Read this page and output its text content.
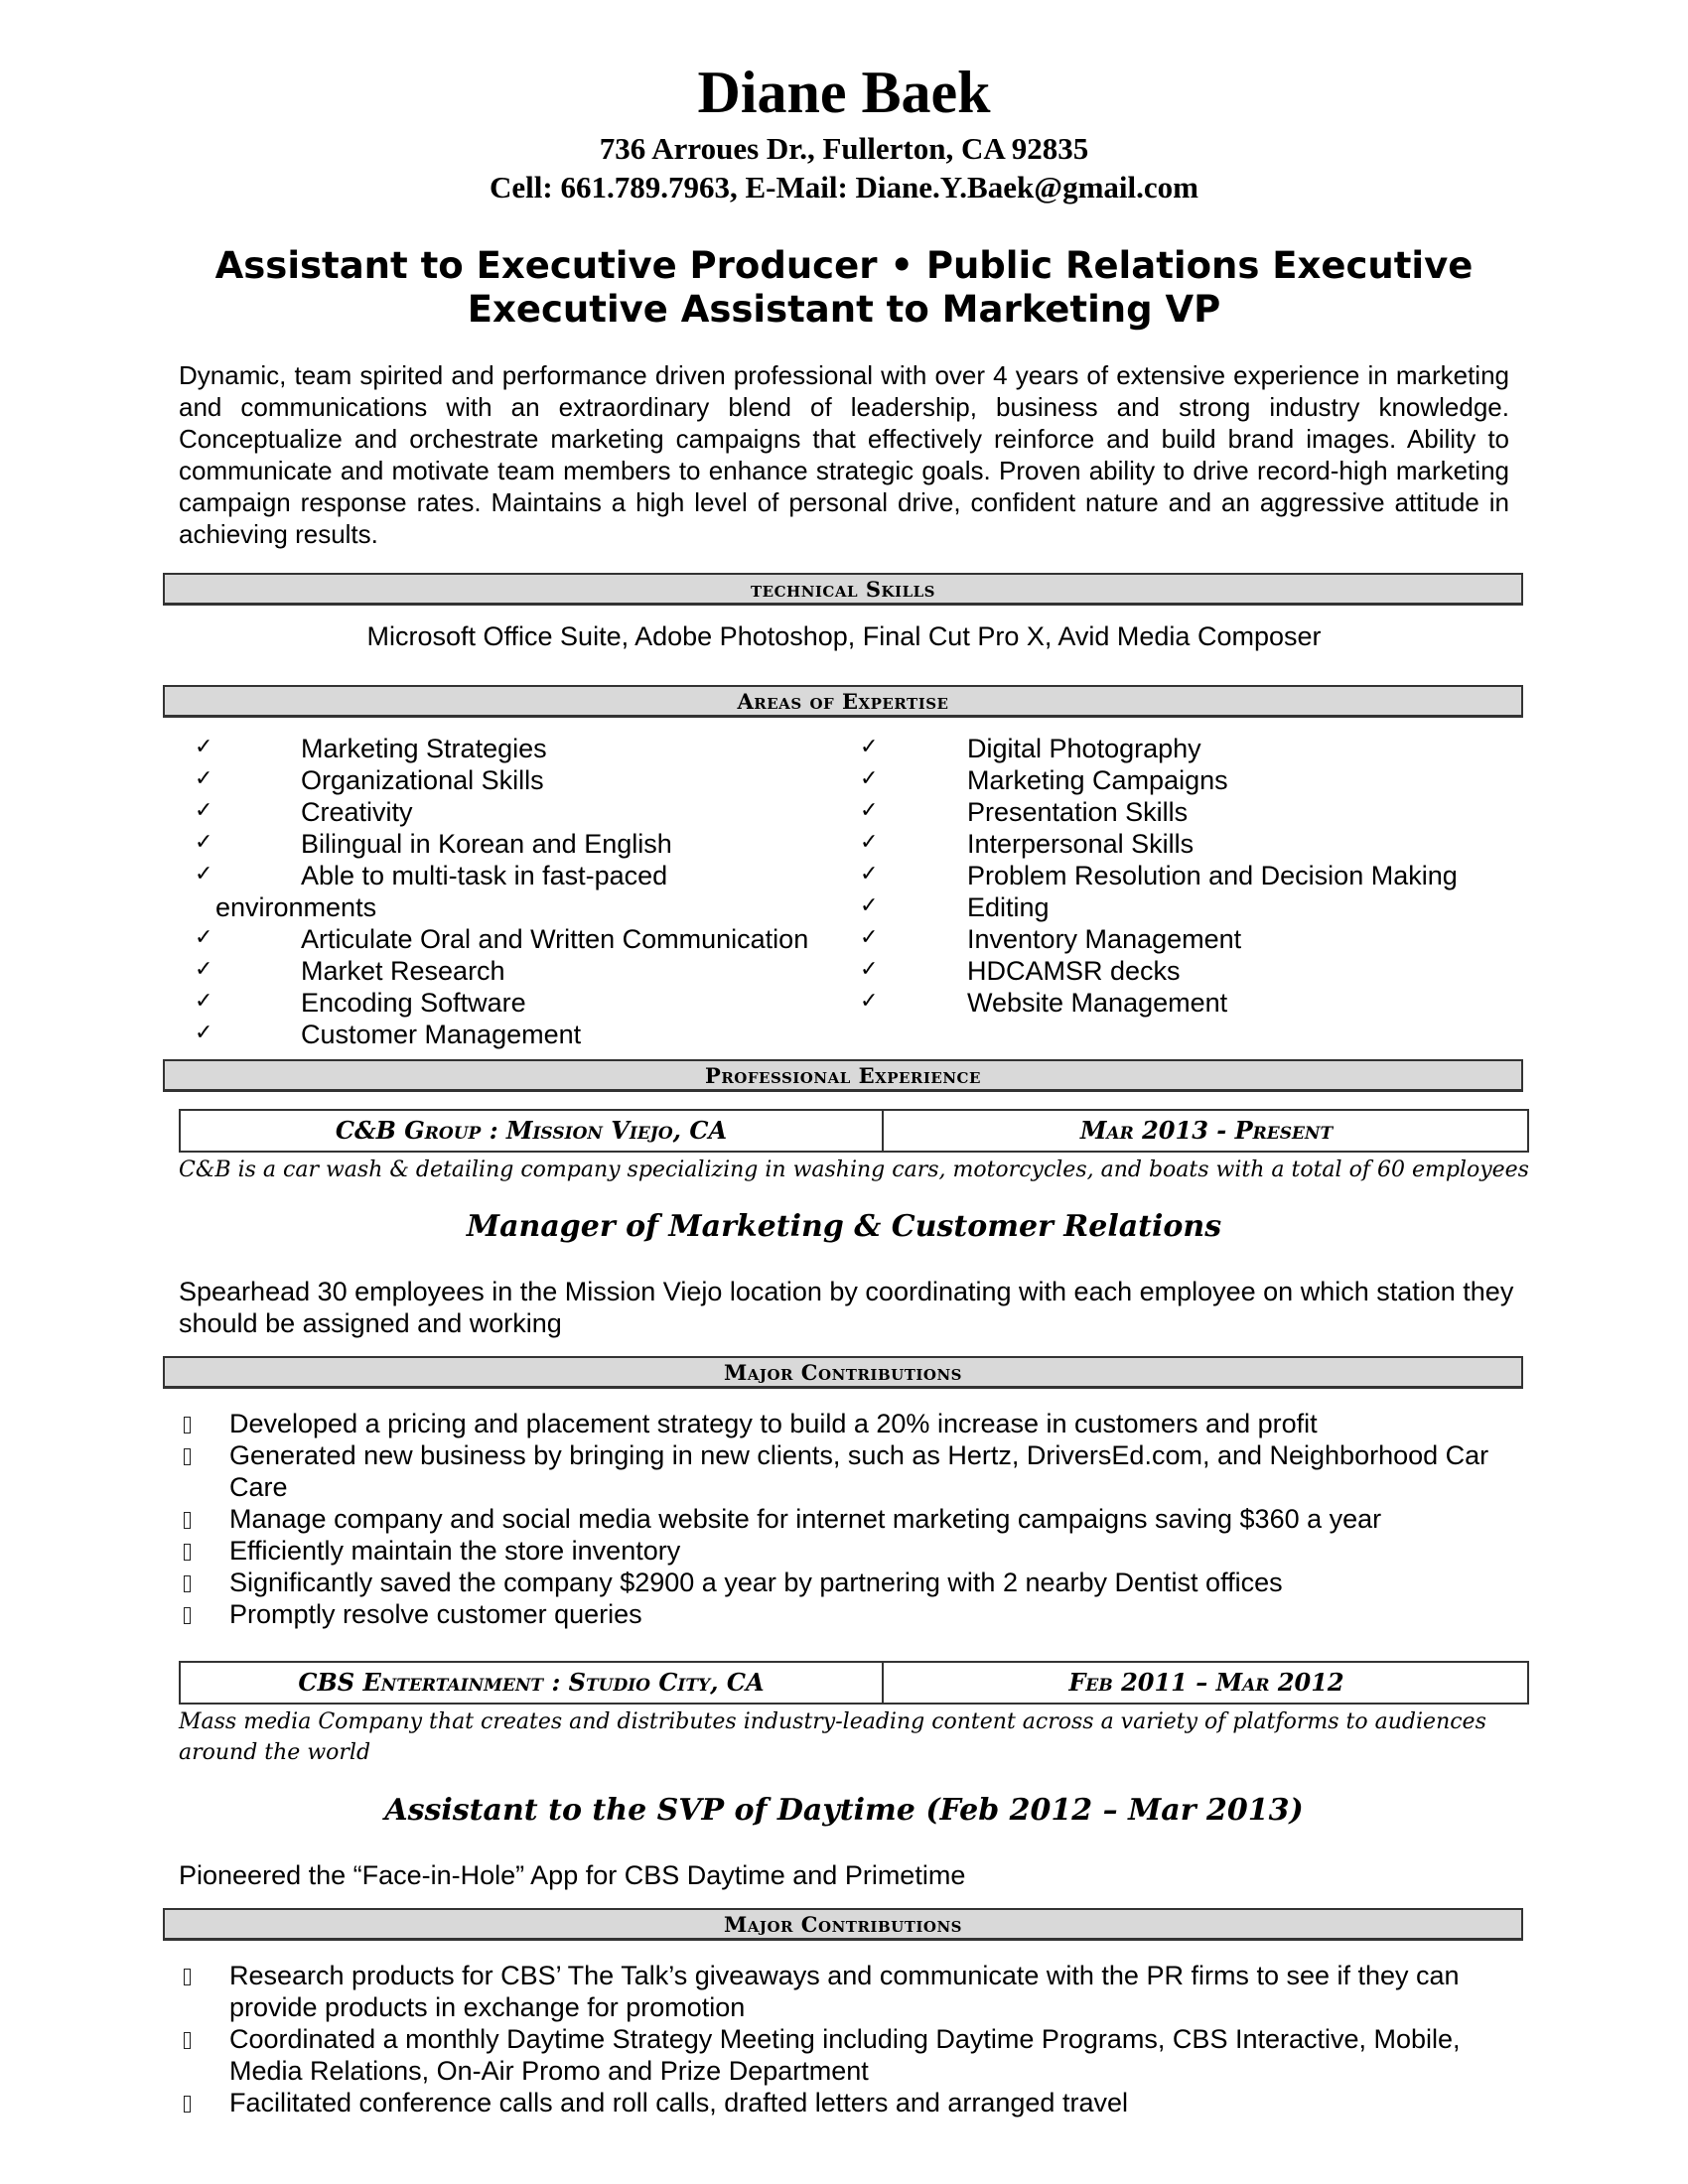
Diane Baek
736 Arroues Dr., Fullerton, CA 92835
Cell: 661.789.7963, E-Mail: Diane.Y.Baek@gmail.com
Assistant to Executive Producer • Public Relations Executive
Executive Assistant to Marketing VP
Dynamic, team spirited and performance driven professional with over 4 years of extensive experience in marketing and communications with an extraordinary blend of leadership, business and strong industry knowledge. Conceptualize and orchestrate marketing campaigns that effectively reinforce and build brand images. Ability to communicate and motivate team members to enhance strategic goals. Proven ability to drive record-high marketing campaign response rates. Maintains a high level of personal drive, confident nature and an aggressive attitude in achieving results.
technical Skills
Microsoft Office Suite, Adobe Photoshop, Final Cut Pro X, Avid Media Composer
Areas of Expertise
✓	Marketing Strategies
✓	Organizational Skills
✓	Creativity
✓	Bilingual in Korean and English
✓	Able to multi-task in fast-paced
environments
✓	Articulate Oral and Written Communication
✓	Market Research
✓	Encoding Software
✓	Customer Management
✓	Digital Photography
✓	Marketing Campaigns
✓	Presentation Skills
✓	Interpersonal Skills
✓	Problem Resolution and Decision Making
✓	Editing
✓	Inventory Management
✓	HDCAMSR decks
✓	Website Management
Professional Experience
C&B Group : Mission Viejo, CA	Mar 2013 - Present
C&B is a car wash & detailing company specializing in washing cars, motorcycles, and boats with a total of 60 employees
Manager of Marketing & Customer Relations
Spearhead 30 employees in the Mission Viejo location by coordinating with each employee on which station they should be assigned and working
Major Contributions
Developed a pricing and placement strategy to build a 20% increase in customers and profit
Generated new business by bringing in new clients, such as Hertz, DriversEd.com, and Neighborhood Car Care
Manage company and social media website for internet marketing campaigns saving $360 a year
Efficiently maintain the store inventory
Significantly saved the company $2900 a year by partnering with 2 nearby Dentist offices
Promptly resolve customer queries
CBS Entertainment : Studio City, CA	Feb 2011 – Mar 2012
Mass media Company that creates and distributes industry-leading content across a variety of platforms to audiences around the world
Assistant to the SVP of Daytime (Feb 2012 – Mar 2013)
Pioneered the “Face-in-Hole” App for CBS Daytime and Primetime
Major Contributions
Research products for CBS’ The Talk’s giveaways and communicate with the PR firms to see if they can provide products in exchange for promotion
Coordinated a monthly Daytime Strategy Meeting including Daytime Programs, CBS Interactive, Mobile, Media Relations, On-Air Promo and Prize Department
Facilitated conference calls and roll calls, drafted letters and arranged travel
